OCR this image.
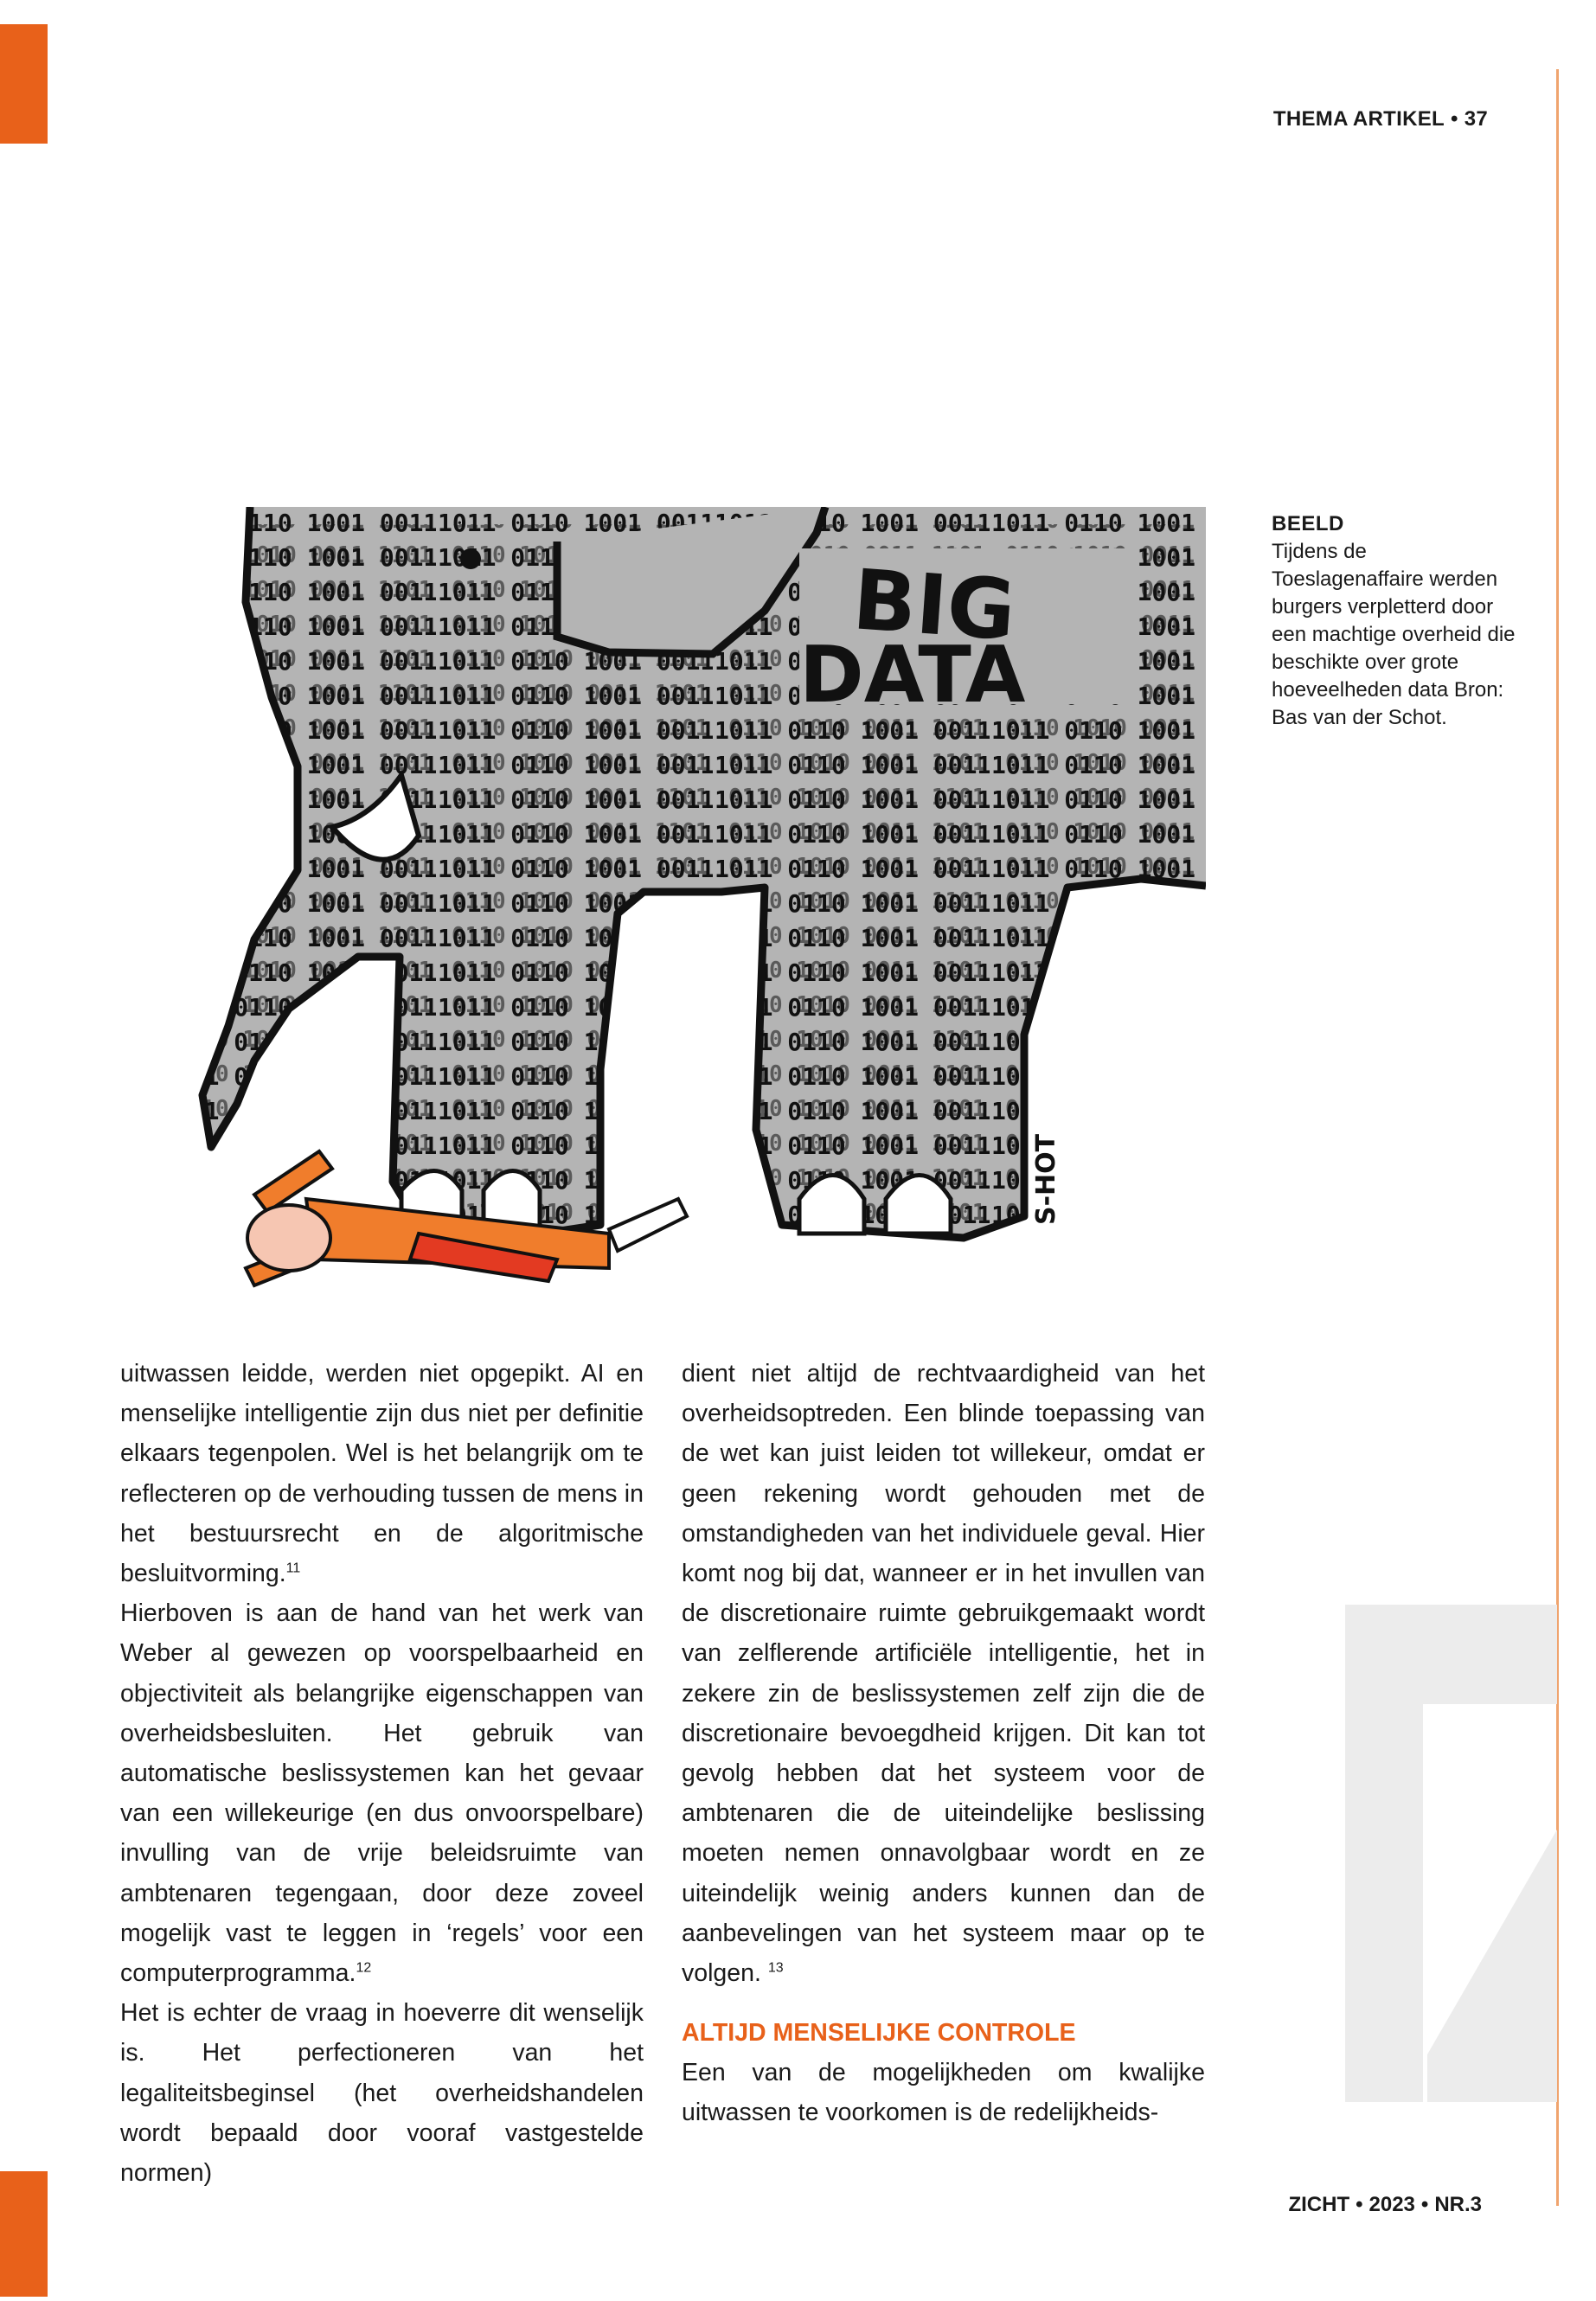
THEMA ARTIKEL • 37
BIG
DATA
S-HOT
BEELD
Tijdens de Toeslagenaffaire werden burgers verpletterd door een machtige overheid die beschikte over grote hoeveelheden data Bron: Bas van der Schot.

uitwassen leidde, werden niet opgepikt. AI en menselijke intelligentie zijn dus niet per definitie elkaars tegenpolen. Wel is het belangrijk om te reflecteren op de verhouding tussen de mens in het bestuursrecht en de algoritmische besluitvorming.$^{11}$

Hierboven is aan de hand van het werk van Weber al gewezen op voorspelbaarheid en objectiviteit als belangrijke eigenschappen van overheidsbesluiten. Het gebruik van automatische beslissystemen kan het gevaar van een willekeurige (en dus onvoorspelbare) invulling van de vrije beleidsruimte van ambtenaren tegengaan, door deze zoveel mogelijk vast te leggen in ‘regels’ voor een computerprogramma.$^{12}$

Het is echter de vraag in hoeverre dit wenselijk is. Het perfectioneren van het legaliteitsbeginsel (het overheidshandelen wordt bepaald door vooraf vastgestelde normen)

dient niet altijd de rechtvaardigheid van het overheidsoptreden. Een blinde toepassing van de wet kan juist leiden tot willekeur, omdat er geen rekening wordt gehouden met de omstandigheden van het individuele geval. Hier komt nog bij dat, wanneer er in het invullen van de discretionaire ruimte gebruikgemaakt wordt van zelflerende artificiële intelligentie, het in zekere zin de beslissystemen zelf zijn die de discretionaire bevoegdheid krijgen. Dit kan tot gevolg hebben dat het systeem voor de ambtenaren die de uiteindelijke beslissing moeten nemen onnavolgbaar wordt en ze uiteindelijk weinig anders kunnen dan de aanbevelingen van het systeem maar op te volgen. $^{13}$

ALTIJD MENSELIJKE CONTROLE

Een van de mogelijkheden om kwalijke uitwassen te voorkomen is de redelijkheids-

ZICHT • 2023 • NR.3
